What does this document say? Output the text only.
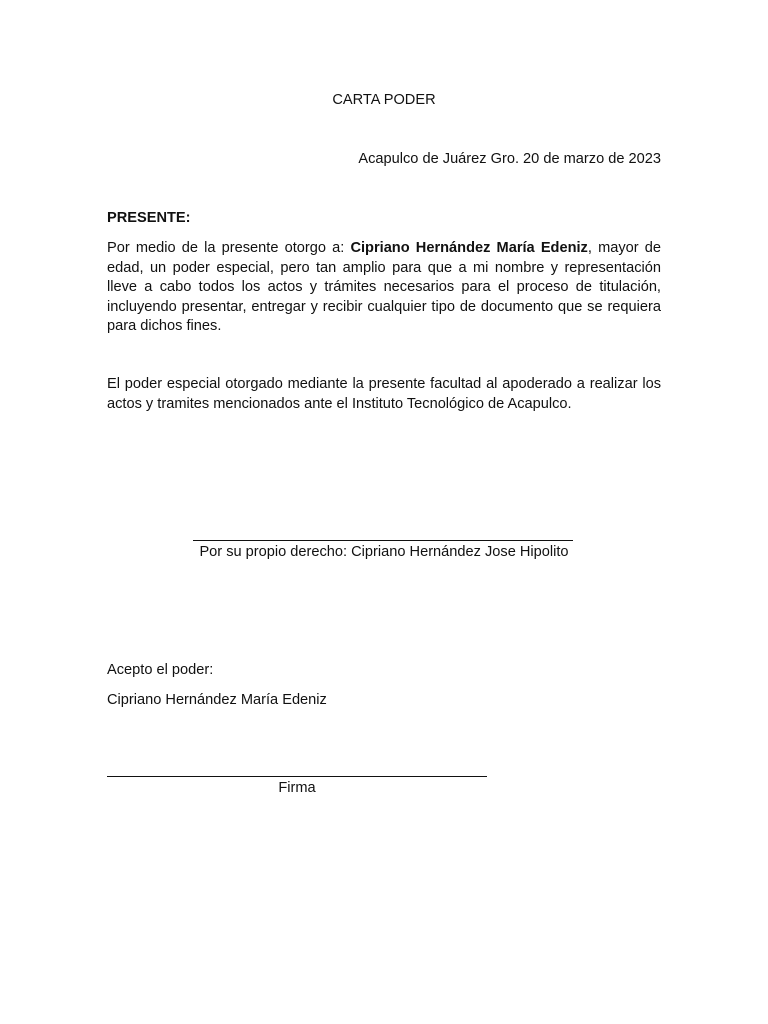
CARTA PODER
Acapulco de Juárez Gro. 20 de marzo de 2023
PRESENTE:
Por medio de la presente otorgo a: Cipriano Hernández María Edeniz, mayor de edad, un poder especial, pero tan amplio para que a mi nombre y representación lleve a cabo todos los actos y trámites necesarios para el proceso de titulación, incluyendo presentar, entregar y recibir cualquier tipo de documento que se requiera para dichos fines.
El poder especial otorgado mediante la presente facultad al apoderado a realizar los actos y tramites mencionados ante el Instituto Tecnológico de Acapulco.
Por su propio derecho: Cipriano Hernández Jose Hipolito
Acepto el poder:
Cipriano Hernández María Edeniz
Firma
